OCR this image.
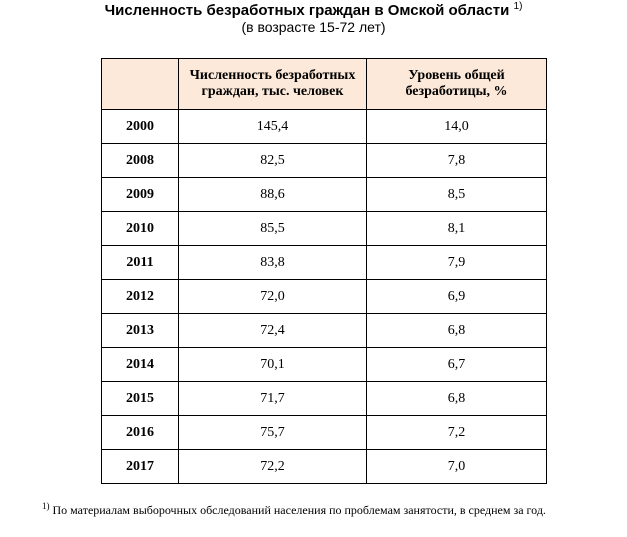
Численность безработных граждан в Омской области $^{1)}$
(в возрасте 15-72 лет)
	Численность безработных граждан, тыс. человек	Уровень общей безработицы, %
2000	145,4	14,0
2008	82,5	7,8
2009	88,6	8,5
2010	85,5	8,1
2011	83,8	7,9
2012	72,0	6,9
2013	72,4	6,8
2014	70,1	6,7
2015	71,7	6,8
2016	75,7	7,2
2017	72,2	7,0
$^{1)}$ По материалам выборочных обследований населения по проблемам занятости, в среднем за год.
